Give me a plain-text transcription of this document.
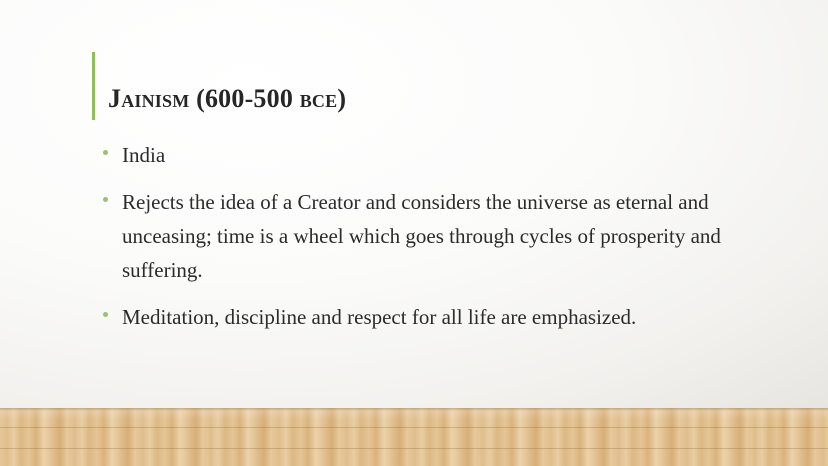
Jainism (600-500 bce)
India
Rejects the idea of a Creator and considers the universe as eternal and unceasing; time is a wheel which goes through cycles of prosperity and suffering.
Meditation, discipline and respect for all life are emphasized.
